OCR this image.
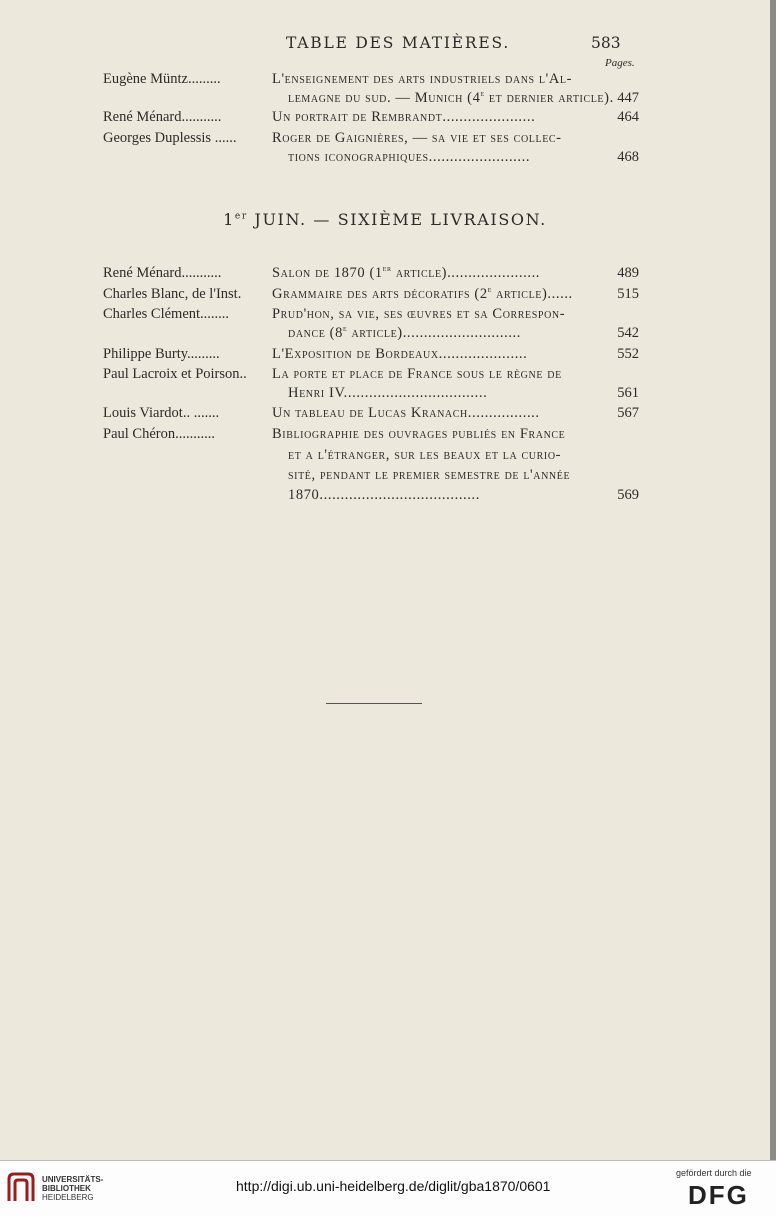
TABLE DES MATIÈRES.	583
Pages.
Eugène Müntz.........	L'enseignement des arts industriels dans l'Al-
lemagne du sud. — Munich (4e et dernier article). 447
René Ménard...........	Un portrait de Rembrandt......................	464
Georges Duplessis ......	Roger de Gaignières, — sa vie et ses collec-
tions iconographiques........................	468
1er JUIN. — SIXIÈME LIVRAISON.
René Ménard...........	Salon de 1870 (1er article)......................	489
Charles Blanc, de l'Inst.	Grammaire des arts décoratifs (2e article)......	515
Charles Clément........	Prud'hon, sa vie, ses œuvres et sa Correspon-
dance (8e article)............................	542
Philippe Burty.........	L'Exposition de Bordeaux.....................	552
Paul Lacroix et Poirson..	La porte et place de France sous le règne de
Henri IV..................................	561
Louis Viardot.. .......	Un tableau de Lucas Kranach.................	567
Paul Chéron...........	Bibliographie des ouvrages publiés en France
et a l'étranger, sur les beaux et la curio-
sité, pendant le premier semestre de l'année
1870......................................	569
UNIVERSITÄTS-
BIBLIOTHEK
HEIDELBERG
http://digi.ub.uni-heidelberg.de/diglit/gba1870/0601
gefördert durch die
DFG
